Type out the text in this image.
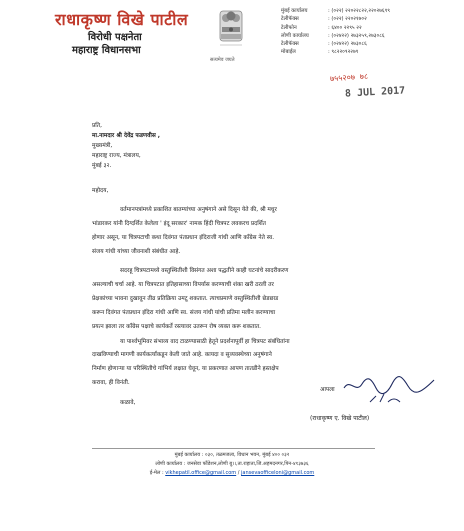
राधाकृष्ण विखे पाटील
विरोधी पक्षनेता
महाराष्ट्र विधानसभा
सत्यमेव जयते
मुंबई कार्यालय	: (०२२) २२०२२८२२,२२०२७६९९
टेलीफॅक्स	: (०२२) २२०२१७०२
टेलीफोन	: ६४०० २२९५ २२
लोणी कार्यालय	: (०२४२२) २७३२५९,२७३०८६
टेलीफॅक्स	: (०२४२२) २७३०८६
मोबाईल	: ९८२२०९२२७९
७५५२०७ ७८
8 JUL 2017
प्रति,
मा.नामदार श्री देवेंद्र फडणवीस ,
मुख्यमंत्री,
महाराष्ट्र राज्य, मंत्रालय,
मुंबई ३२.
महोदय,
वर्तमानपत्रांमध्ये प्रकाशित बातम्यांच्या अनुषंगाने असे दिसून येते की, श्री मधुर
भांडारकर यांनी दिग्दर्शित केलेला ' इंदू सरकार' नामक हिंदी चित्रपट लवकरच प्रदर्शित
होणार असून, या चित्रपटाची कथा दिवंगत पंतप्रधान इंदिराजी गांधी आणि काँग्रेस नेते स्व.
संजय गांधी यांच्या जीवनाशी संबंधीत आहे.
सदरहू चित्रपटामध्ये वस्तुस्थितीशी विसंगत अशा पद्धतीने काही घटनांचे सादरीकरण
असल्याची चर्चा आहे. या चित्रपटात इतिहासाच्या विपर्यास करण्याची शंका खरी ठरली तर
प्रेक्षकांच्या भावना दुखावून तीव्र प्रतिक्रिया उमटू शकतात. त्याचप्रमाणे वस्तुस्थितीशी छेडछाड
करून दिवंगत पंतप्रधान इंदिरा गांधी आणि स्व. संजय गांधी यांची प्रतिमा मलीन करण्याचा
प्रयत्न झाला तर काँग्रेस पक्षाचे कार्यकर्ते रस्त्यावर उतरून रोष व्यक्त करू शकतात.
या पार्श्वभूमिवर संभाव्य वाद टाळण्यासाठी हेतूने प्रदर्शनापूर्वी हा चित्रपट संबंधितांना
दाखविण्याची मागणी कार्यकर्त्यांकडून केली जाते आहे. कायदा व सुव्यवस्थेच्या अनुषंगाने
निर्माण होणाऱ्या या परिस्थितीचे गांभिर्य लक्षात घेवून, या प्रकरणात आपण तातडीने हस्तक्षेप
करावा, ही विनंती.
कळावे,
आपला
(राधाकृष्ण ए. विखे पाटील)
मुंबई कार्यालय : ०३०, तळमजला, विधान भवन, मुंबई ४०० ०३२
लोणी कार्यालय : जनसेवा फौंडेशन,लोणी बु।।,ता.राहाता,जि.अहमदनगर,पिन-४१३७३६
ई-मेल : vikhepatil.office@gmail.com / jansevaofficeloni@gmail.com
